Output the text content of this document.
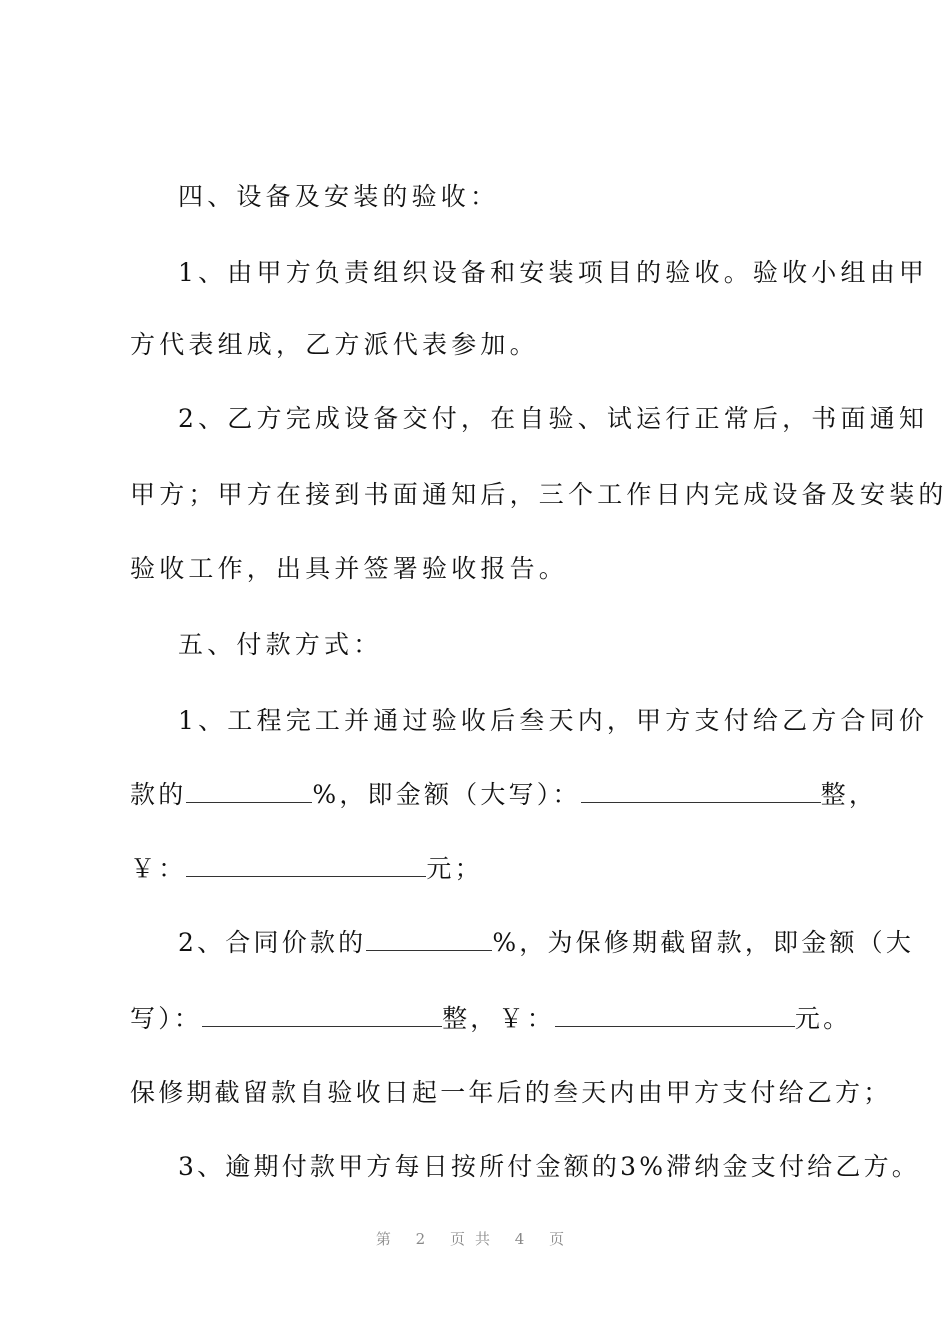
四、设备及安装的验收：
1、由甲方负责组织设备和安装项目的验收。验收小组由甲
方代表组成，乙方派代表参加。
2、乙方完成设备交付，在自验、试运行正常后，书面通知
甲方；甲方在接到书面通知后，三个工作日内完成设备及安装的
验收工作，出具并签署验收报告。
五、付款方式：
1、工程完工并通过验收后叁天内，甲方支付给乙方合同价
款的	%，即金额（大写）：	整，
￥：	元；
2、合同价款的	%，为保修期截留款，即金额（大
写）：	整，￥：	元。
保修期截留款自验收日起一年后的叁天内由甲方支付给乙方；
3、逾期付款甲方每日按所付金额的3%滞纳金支付给乙方。
第 2 页共 4 页
